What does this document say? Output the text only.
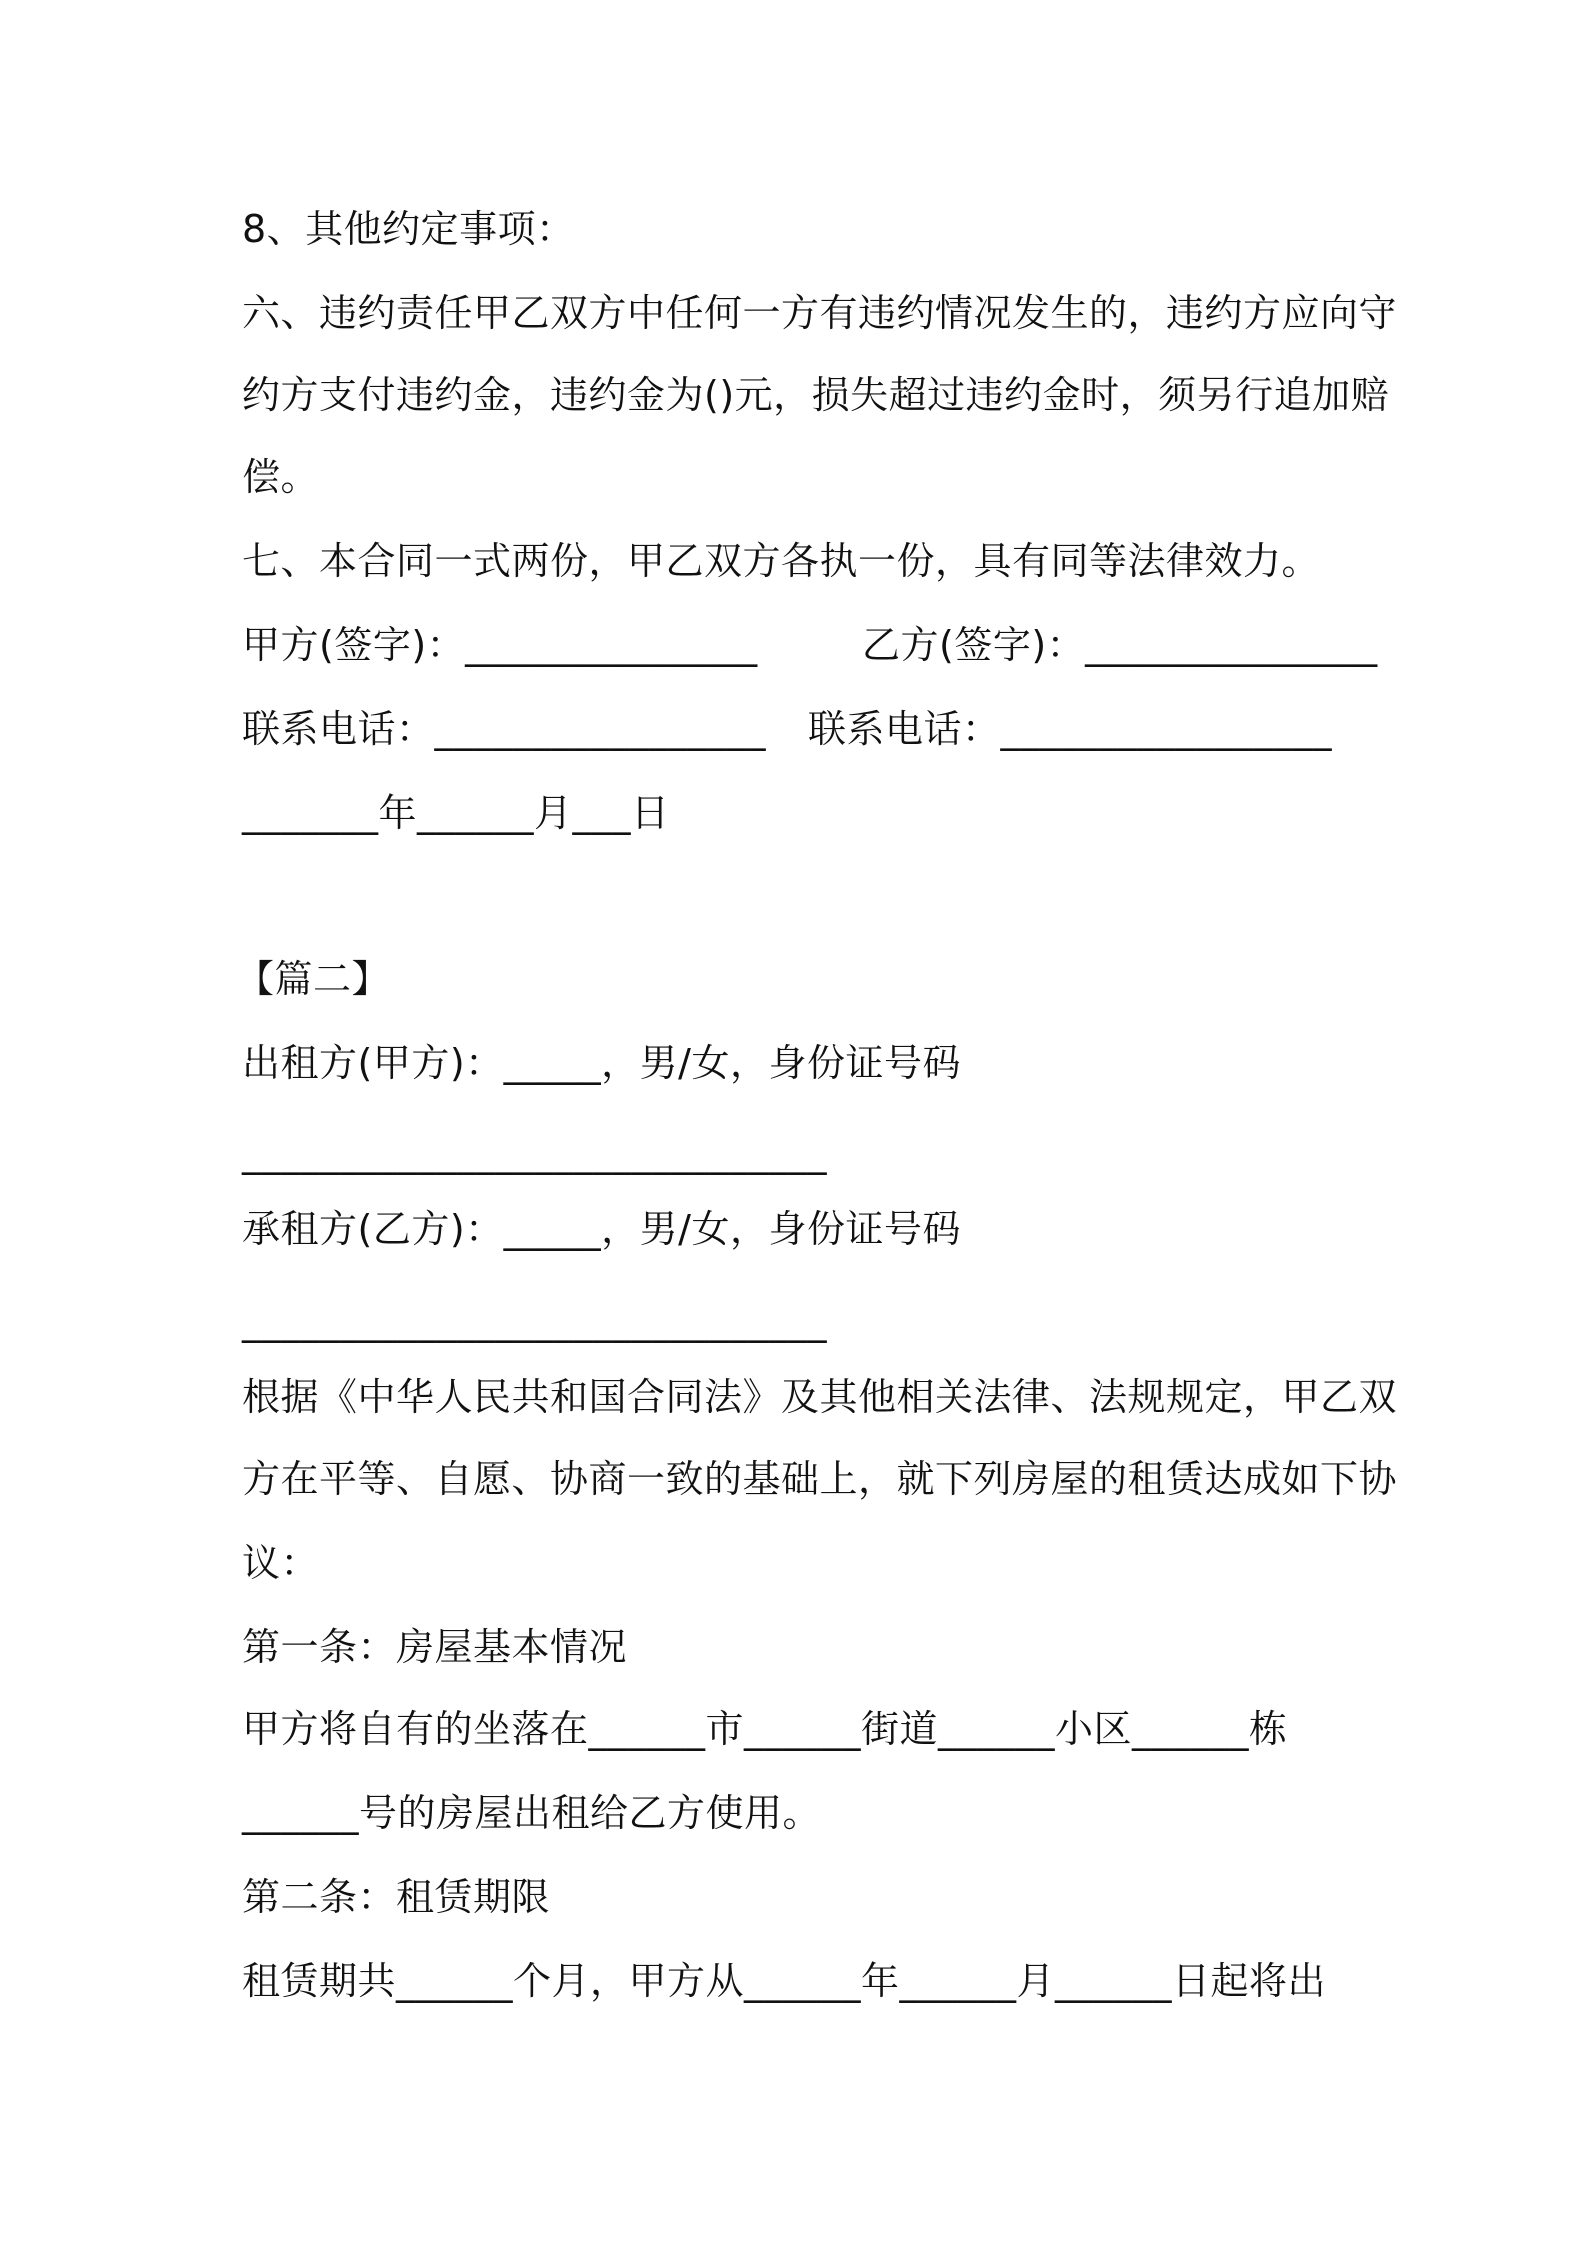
8、其他约定事项：
六、违约责任甲乙双方中任何一方有违约情况发生的，违约方应向守
约方支付违约金，违约金为()元，损失超过违约金时，须另行追加赔
偿。
七、本合同一式两份，甲乙双方各执一份，具有同等法律效力。
甲方(签字)：_______________	乙方(签字)：_______________
联系电话：_________________ 联系电话：_________________
_______年______月___日
【篇二】
出租方(甲方)：_____，男/女，身份证号码
______________________________
承租方(乙方)：_____，男/女，身份证号码
______________________________
根据《中华人民共和国合同法》及其他相关法律、法规规定，甲乙双
方在平等、自愿、协商一致的基础上，就下列房屋的租赁达成如下协
议：
第一条：房屋基本情况
甲方将自有的坐落在______市______街道______小区______栋
______号的房屋出租给乙方使用。
第二条：租赁期限
租赁期共______个月，甲方从______年______月______日起将出
